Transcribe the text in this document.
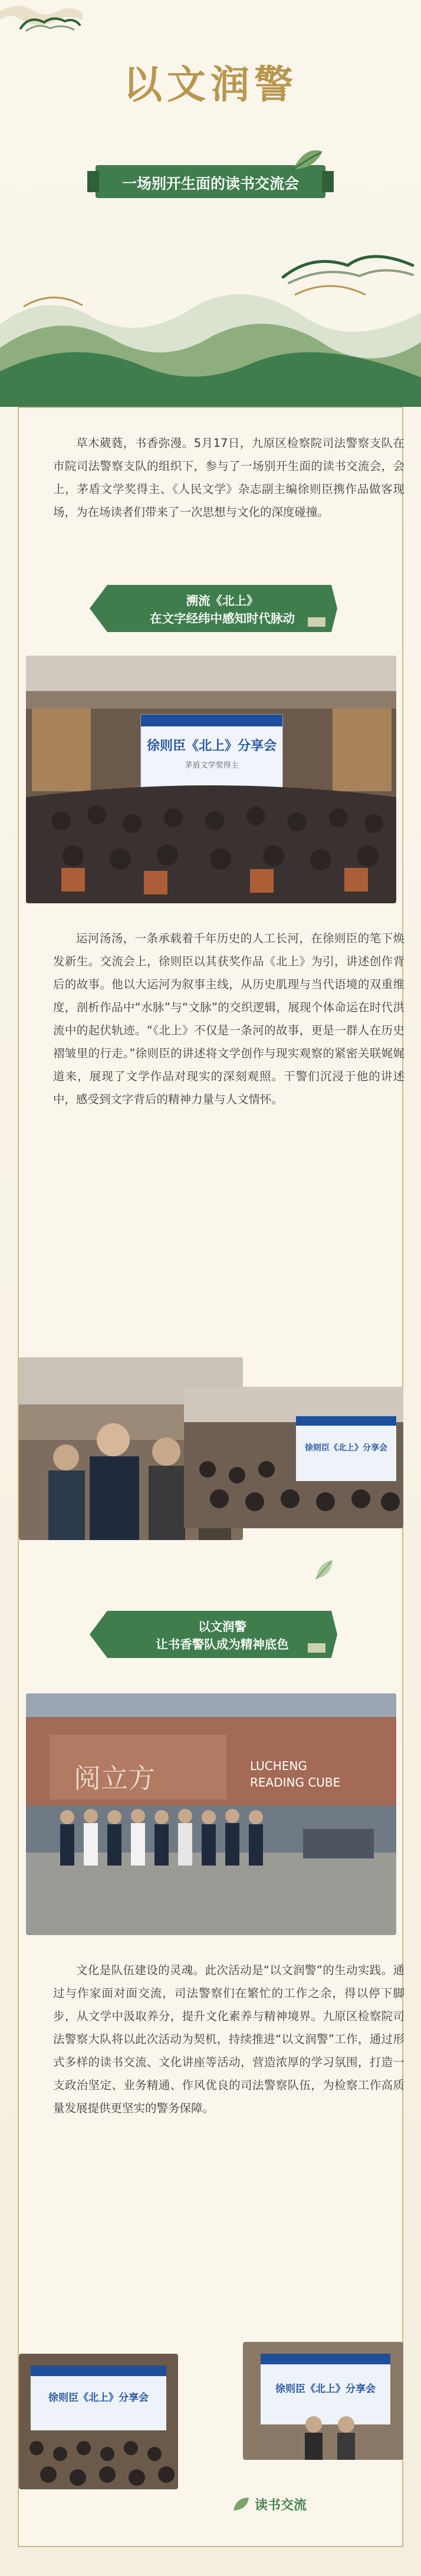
以文润警
一场别开生面的读书交流会
草木葳蕤，书香弥漫。5月17日，九原区检察院司法警察支队在市院司法警察支队的组织下，参与了一场别开生面的读书交流会，会上，茅盾文学奖得主、《人民文学》杂志副主编徐则臣携作品做客现场，为在场读者们带来了一次思想与文化的深度碰撞。
溯流《北上》
在文字经纬中感知时代脉动
徐则臣《北上》分享会
茅盾文学奖得主
运河汤汤，一条承载着千年历史的人工长河，在徐则臣的笔下焕发新生。交流会上，徐则臣以其获奖作品《北上》为引，讲述创作背后的故事。他以大运河为叙事主线，从历史肌理与当代语境的双重维度，剖析作品中“水脉”与“文脉”的交织逻辑，展现个体命运在时代洪流中的起伏轨迹。“《北上》不仅是一条河的故事，更是一群人在历史褶皱里的行走。”徐则臣的讲述将文学创作与现实观察的紧密关联娓娓道来，展现了文学作品对现实的深刻观照。干警们沉浸于他的讲述中，感受到文字背后的精神力量与人文情怀。
徐则臣《北上》分享会
以文润警
让书香警队成为精神底色
阅立方	LUCHENG
READING CUBE
文化是队伍建设的灵魂。此次活动是“以文润警”的生动实践。通过与作家面对面交流，司法警察们在繁忙的工作之余，得以停下脚步，从文学中汲取养分，提升文化素养与精神境界。九原区检察院司法警察大队将以此次活动为契机，持续推进“以文润警”工作，通过形式多样的读书交流、文化讲座等活动，营造浓厚的学习氛围，打造一支政治坚定、业务精通、作风优良的司法警察队伍，为检察工作高质量发展提供更坚实的警务保障。
徐则臣《北上》分享会
徐则臣《北上》分享会
读书交流
